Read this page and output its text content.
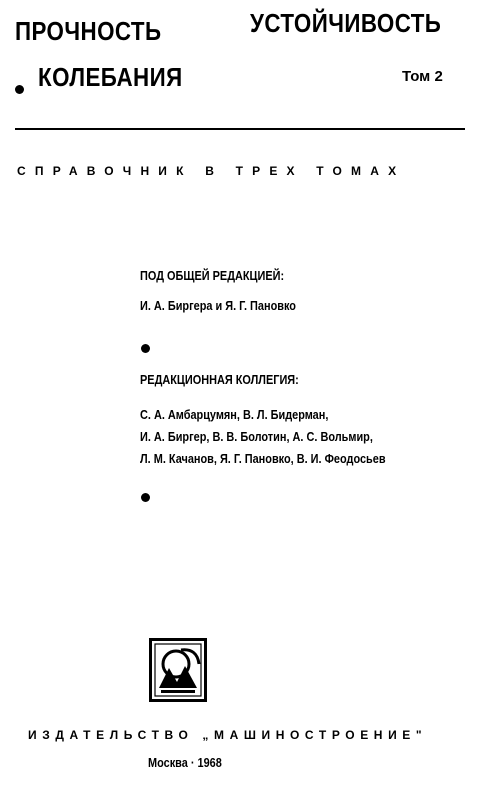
ПРОЧНОСТЬ	УСТОЙЧИВОСТЬ
КОЛЕБАНИЯ	Том 2
СПРАВОЧНИК В ТРЕХ ТОМАХ
ПОД ОБЩЕЙ РЕДАКЦИЕЙ:
И. А. Биргера и Я. Г. Пановко
РЕДАКЦИОННАЯ КОЛЛЕГИЯ:
С. А. Амбарцумян, В. Л. Бидерман,
И. А. Биргер, В. В. Болотин, А. С. Вольмир,
Л. М. Качанов, Я. Г. Пановко, В. И. Феодосьев
ИЗДАТЕЛЬСТВО „МАШИНОСТРОЕНИЕ"
Москва · 1968
